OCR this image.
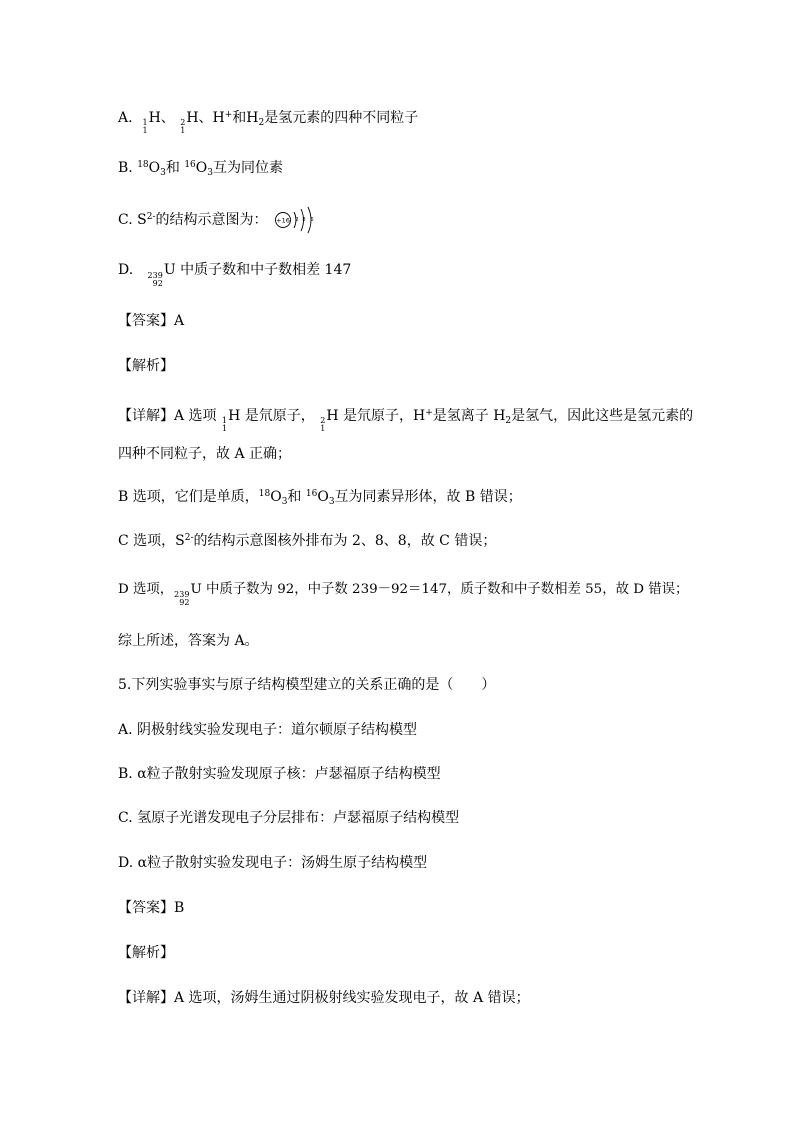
A. 1
1
H、 2
1
H、H+和$H_2$是氢元素的四种不同粒子
B. $^{18}O_3$和 $^{16}O_3$互为同位素
C. $S^{2-}$的结构示意图为： +16 2 8 6
D. 239
92
U 中质子数和中子数相差 147
【答案】A
【解析】
【详解】A 选项 1
1
H 是氘原子， 2
1
H 是氘原子，H+是氢离子 $H_2$是氢气，因此这些是氢元素的
四种不同粒子，故 A 正确；
B 选项，它们是单质，$^{18}O_3$和 $^{16}O_3$互为同素异形体，故 B 错误；
C 选项，$S^{2-}$的结构示意图核外排布为 2、8、8，故 C 错误；
D 选项， 239
92
U 中质子数为 92，中子数 239－92＝147，质子数和中子数相差 55，故 D 错误；
综上所述，答案为 A。
5.下列实验事实与原子结构模型建立的关系正确的是（　　）
A. 阴极射线实验发现电子：道尔顿原子结构模型
B. α粒子散射实验发现原子核：卢瑟福原子结构模型
C. 氢原子光谱发现电子分层排布：卢瑟福原子结构模型
D. α粒子散射实验发现电子：汤姆生原子结构模型
【答案】B
【解析】
【详解】A 选项，汤姆生通过阴极射线实验发现电子，故 A 错误；
